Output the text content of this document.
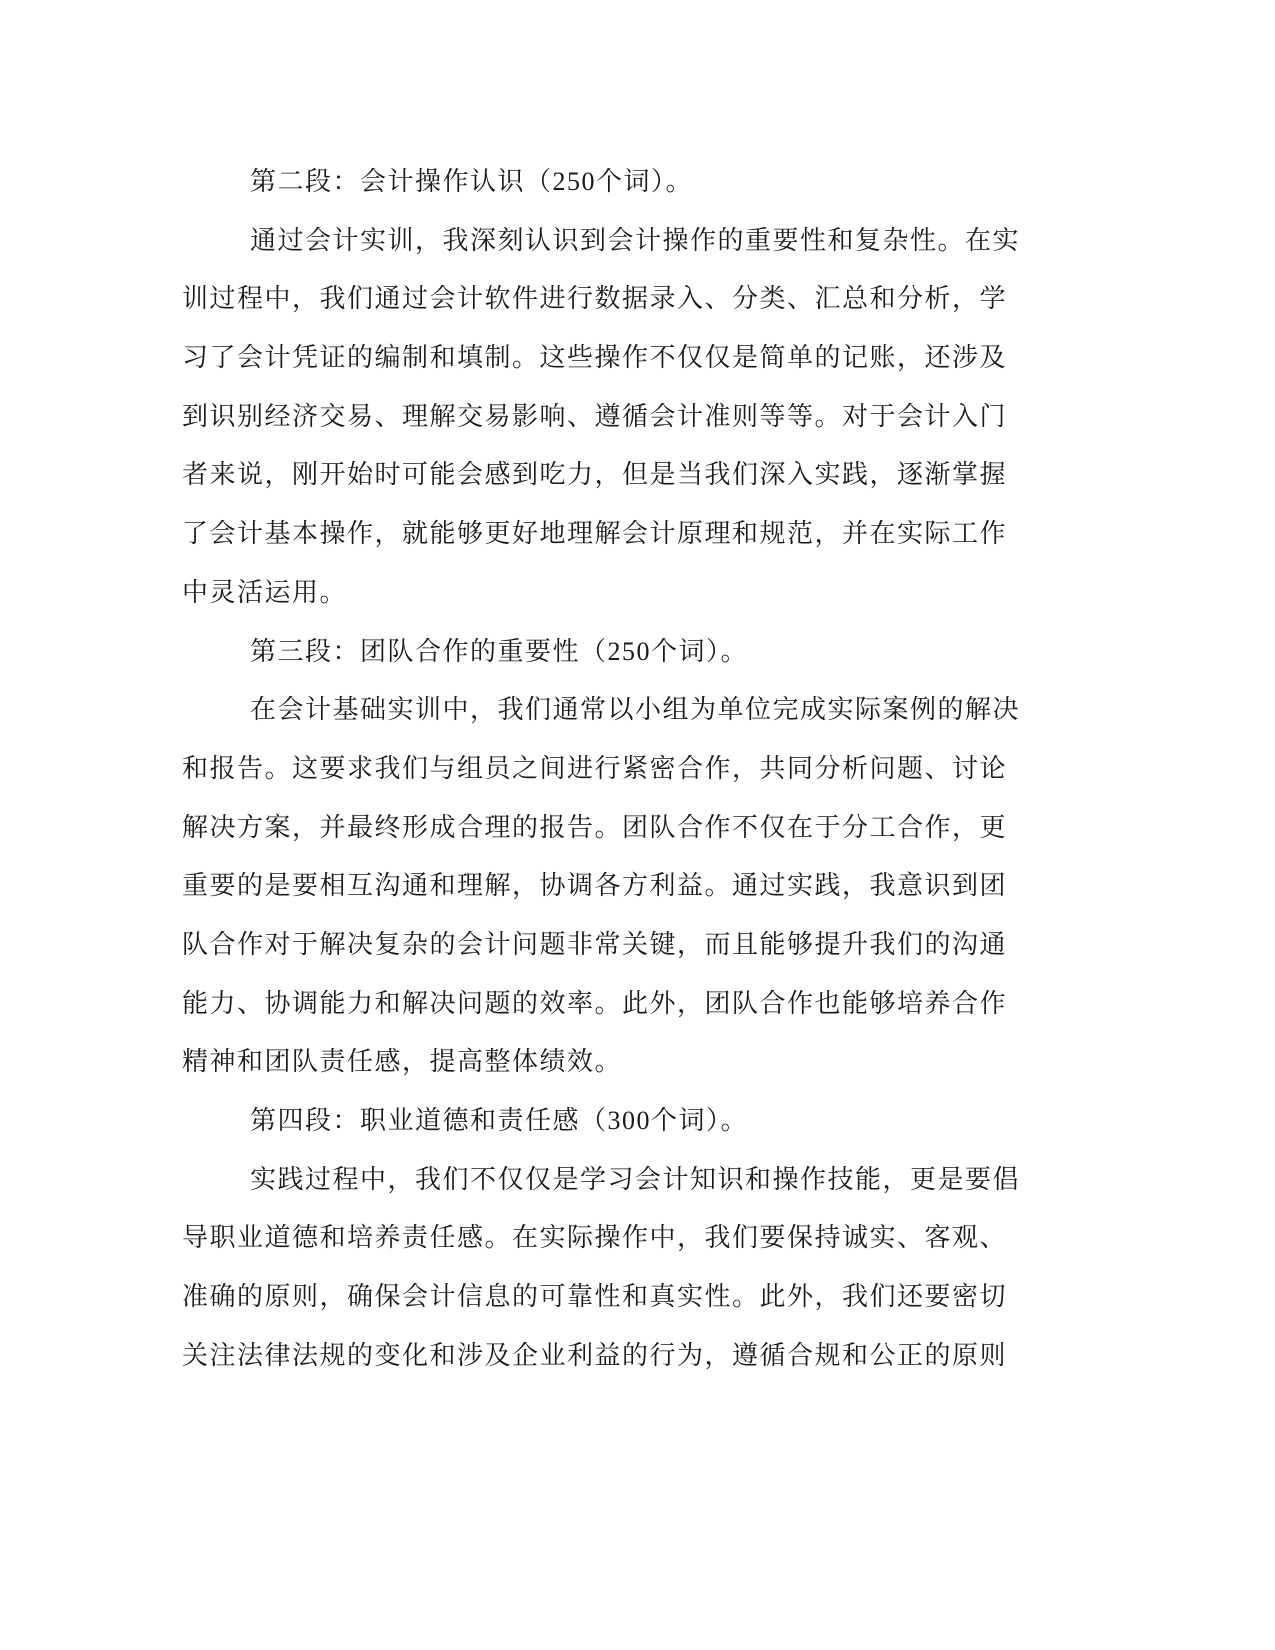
第二段：会计操作认识（250个词）。
通过会计实训，我深刻认识到会计操作的重要性和复杂性。在实
训过程中，我们通过会计软件进行数据录入、分类、汇总和分析，学
习了会计凭证的编制和填制。这些操作不仅仅是简单的记账，还涉及
到识别经济交易、理解交易影响、遵循会计准则等等。对于会计入门
者来说，刚开始时可能会感到吃力，但是当我们深入实践，逐渐掌握
了会计基本操作，就能够更好地理解会计原理和规范，并在实际工作
中灵活运用。
第三段：团队合作的重要性（250个词）。
在会计基础实训中，我们通常以小组为单位完成实际案例的解决
和报告。这要求我们与组员之间进行紧密合作，共同分析问题、讨论
解决方案，并最终形成合理的报告。团队合作不仅在于分工合作，更
重要的是要相互沟通和理解，协调各方利益。通过实践，我意识到团
队合作对于解决复杂的会计问题非常关键，而且能够提升我们的沟通
能力、协调能力和解决问题的效率。此外，团队合作也能够培养合作
精神和团队责任感，提高整体绩效。
第四段：职业道德和责任感（300个词）。
实践过程中，我们不仅仅是学习会计知识和操作技能，更是要倡
导职业道德和培养责任感。在实际操作中，我们要保持诚实、客观、
准确的原则，确保会计信息的可靠性和真实性。此外，我们还要密切
关注法律法规的变化和涉及企业利益的行为，遵循合规和公正的原则
